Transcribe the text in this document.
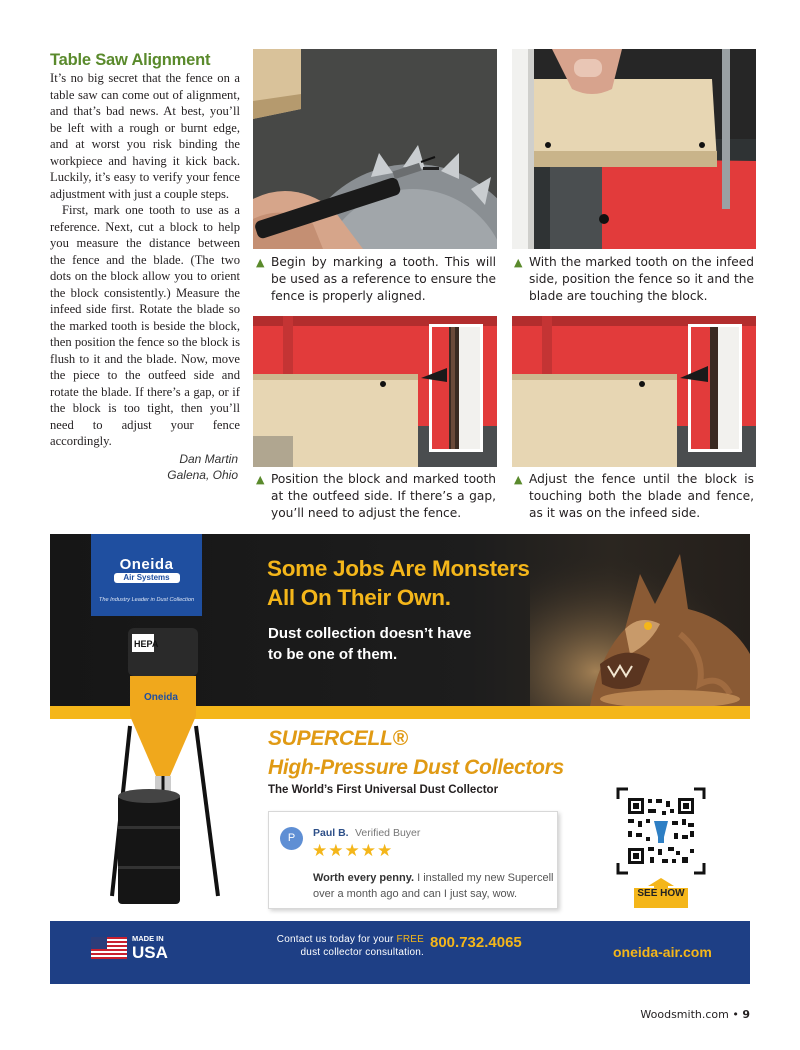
Table Saw Alignment

It’s no big secret that the fence on a table saw can come out of alignment, and that’s bad news. At best, you’ll be left with a rough or burnt edge, and at worst you risk binding the workpiece and having it kick back. Luckily, it’s easy to verify your fence adjustment with just a couple steps.

First, mark one tooth to use as a reference. Next, cut a block to help you measure the distance between the fence and the blade. (The two dots on the block allow you to orient the block consistently.) Measure the infeed side first. Rotate the blade so the marked tooth is beside the block, then position the fence so the block is flush to it and the blade. Now, move the piece to the outfeed side and rotate the blade. If there’s a gap, or if the block is too tight, then you’ll need to adjust your fence accordingly.

Dan Martin
Galena, Ohio
▲ Begin by marking a tooth. This will be used as a reference to ensure the fence is properly aligned.
▲ With the marked tooth on the infeed side, position the fence so it and the blade are touching the block.
▲ Position the block and marked tooth at the outfeed side. If there’s a gap, you’ll need to adjust the fence.
▲ Adjust the fence until the block is touching both the blade and fence, as it was on the infeed side.
Oneida
Air Systems
The Industry Leader in Dust Collection
Some Jobs Are Monsters
All On Their Own.
Dust collection doesn’t have
to be one of them.
HEPA
Oneida
SUPERCELL®
High-Pressure Dust Collectors
The World’s First Universal Dust Collector
P	Paul B. Verified Buyer
★★★★★
Worth every penny. I installed my new Supercell over a month ago and can I just say, wow.	SEE HOW
MADE IN
USA
Contact us today for your FREE
dust collector consultation.
800.732.4065
oneida-air.com
Woodsmith.com • 9
